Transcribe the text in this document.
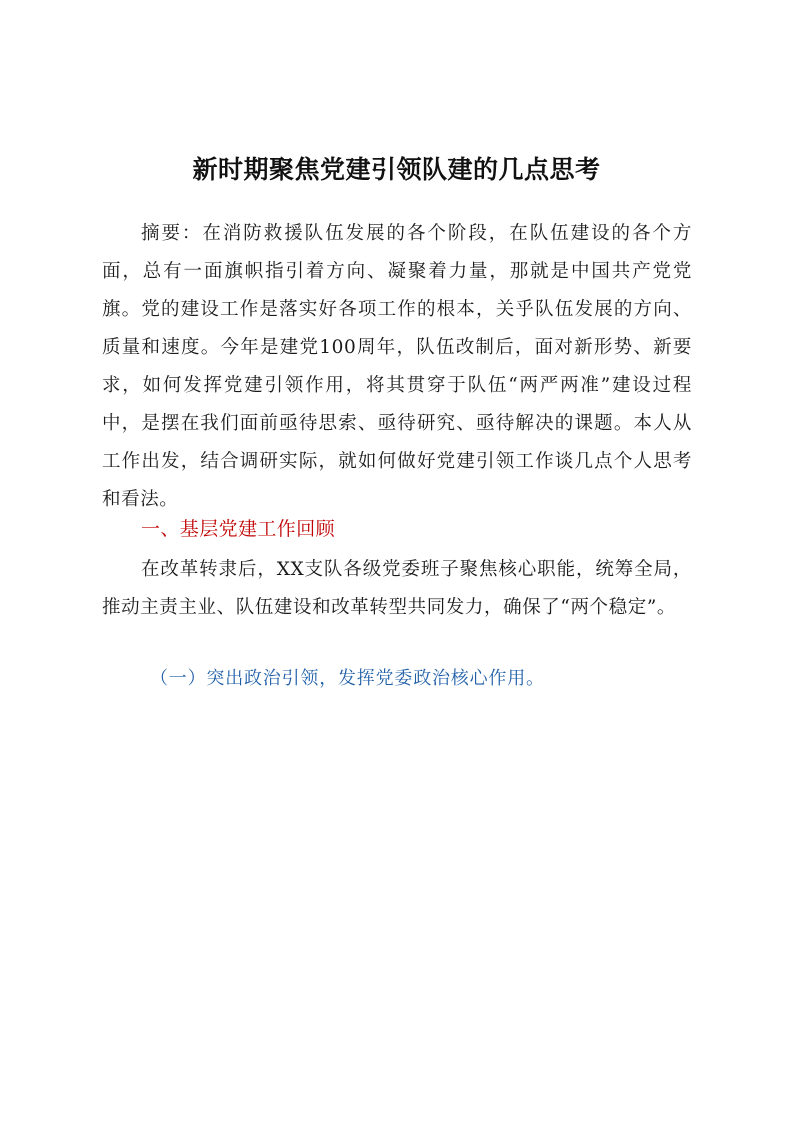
新时期聚焦党建引领队建的几点思考

摘要：在消防救援队伍发展的各个阶段，在队伍建设的各个方面，总有一面旗帜指引着方向、凝聚着力量，那就是中国共产党党旗。党的建设工作是落实好各项工作的根本，关乎队伍发展的方向、质量和速度。今年是建党100周年，队伍改制后，面对新形势、新要求，如何发挥党建引领作用，将其贯穿于队伍“两严两准”建设过程中，是摆在我们面前亟待思索、亟待研究、亟待解决的课题。本人从工作出发，结合调研实际，就如何做好党建引领工作谈几点个人思考和看法。

一、基层党建工作回顾

在改革转隶后，XX支队各级党委班子聚焦核心职能，统筹全局，推动主责主业、队伍建设和改革转型共同发力，确保了“两个稳定”。

（一）突出政治引领，发挥党委政治核心作用。
